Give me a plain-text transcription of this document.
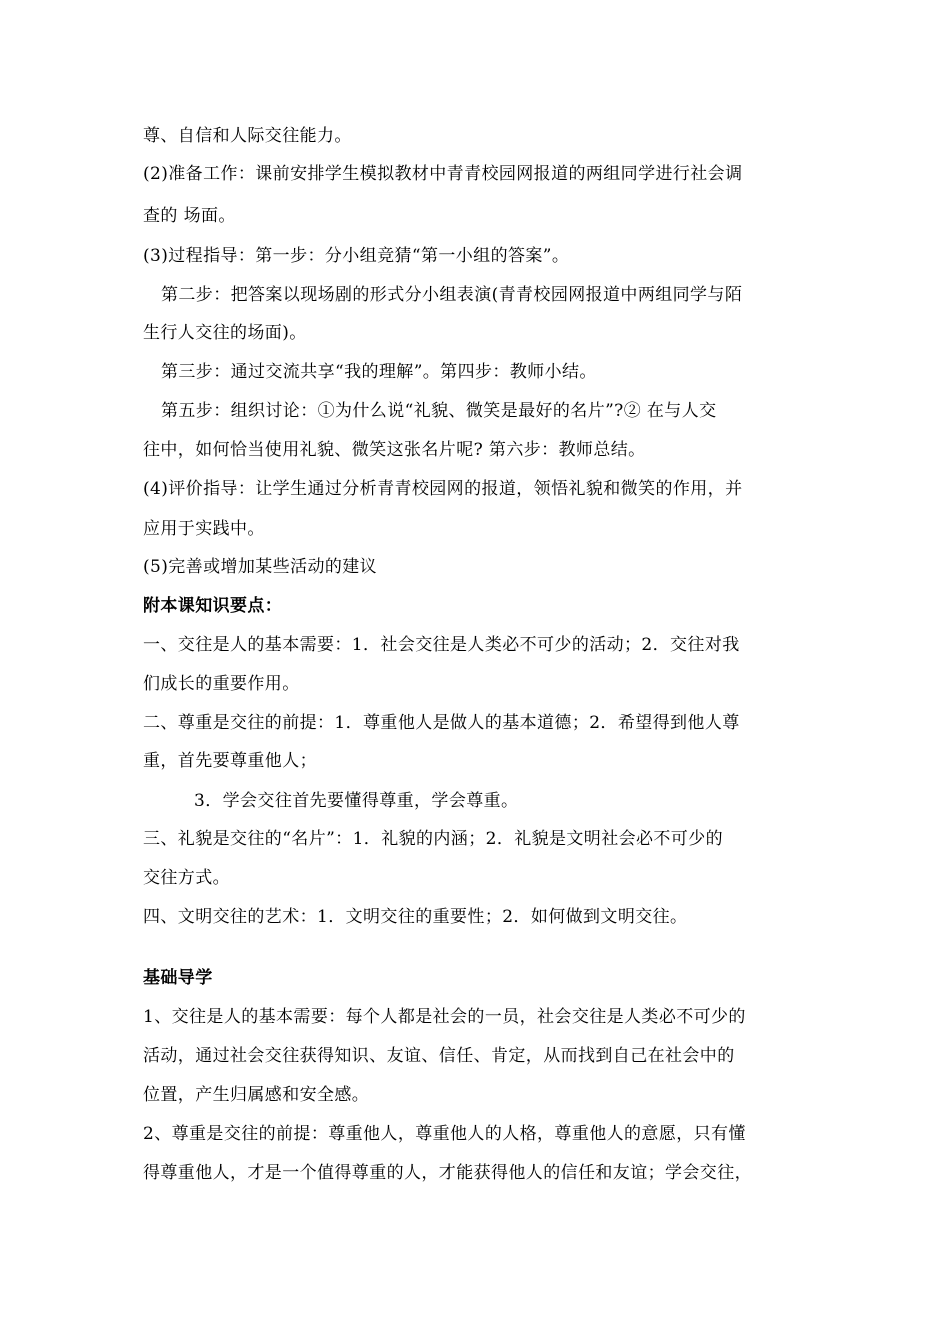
尊、自信和人际交往能力。
(2)准备工作：课前安排学生模拟教材中青青校园网报道的两组同学进行社会调
查的 场面。
(3)过程指导：第一步：分小组竞猜“第一小组的答案”。
第二步：把答案以现场剧的形式分小组表演(青青校园网报道中两组同学与陌
生行人交往的场面)。
第三步：通过交流共享“我的理解”。第四步：教师小结。
第五步：组织讨论：①为什么说“礼貌、微笑是最好的名片”?② 在与人交
往中，如何恰当使用礼貌、微笑这张名片呢? 第六步：教师总结。
(4)评价指导：让学生通过分析青青校园网的报道，领悟礼貌和微笑的作用，并
应用于实践中。
(5)完善或增加某些活动的建议
附本课知识要点：
一、交往是人的基本需要：1．社会交往是人类必不可少的活动；2．交往对我
们成长的重要作用。
二、尊重是交往的前提：1．尊重他人是做人的基本道德；2．希望得到他人尊
重，首先要尊重他人；
3．学会交往首先要懂得尊重，学会尊重。
三、礼貌是交往的“名片”：1．礼貌的内涵；2．礼貌是文明社会必不可少的
交往方式。
四、文明交往的艺术：1．文明交往的重要性；2．如何做到文明交往。
基础导学
1、交往是人的基本需要：每个人都是社会的一员，社会交往是人类必不可少的
活动，通过社会交往获得知识、友谊、信任、肯定，从而找到自己在社会中的
位置，产生归属感和安全感。
2、尊重是交往的前提：尊重他人，尊重他人的人格，尊重他人的意愿，只有懂
得尊重他人，才是一个值得尊重的人，才能获得他人的信任和友谊；学会交往，
